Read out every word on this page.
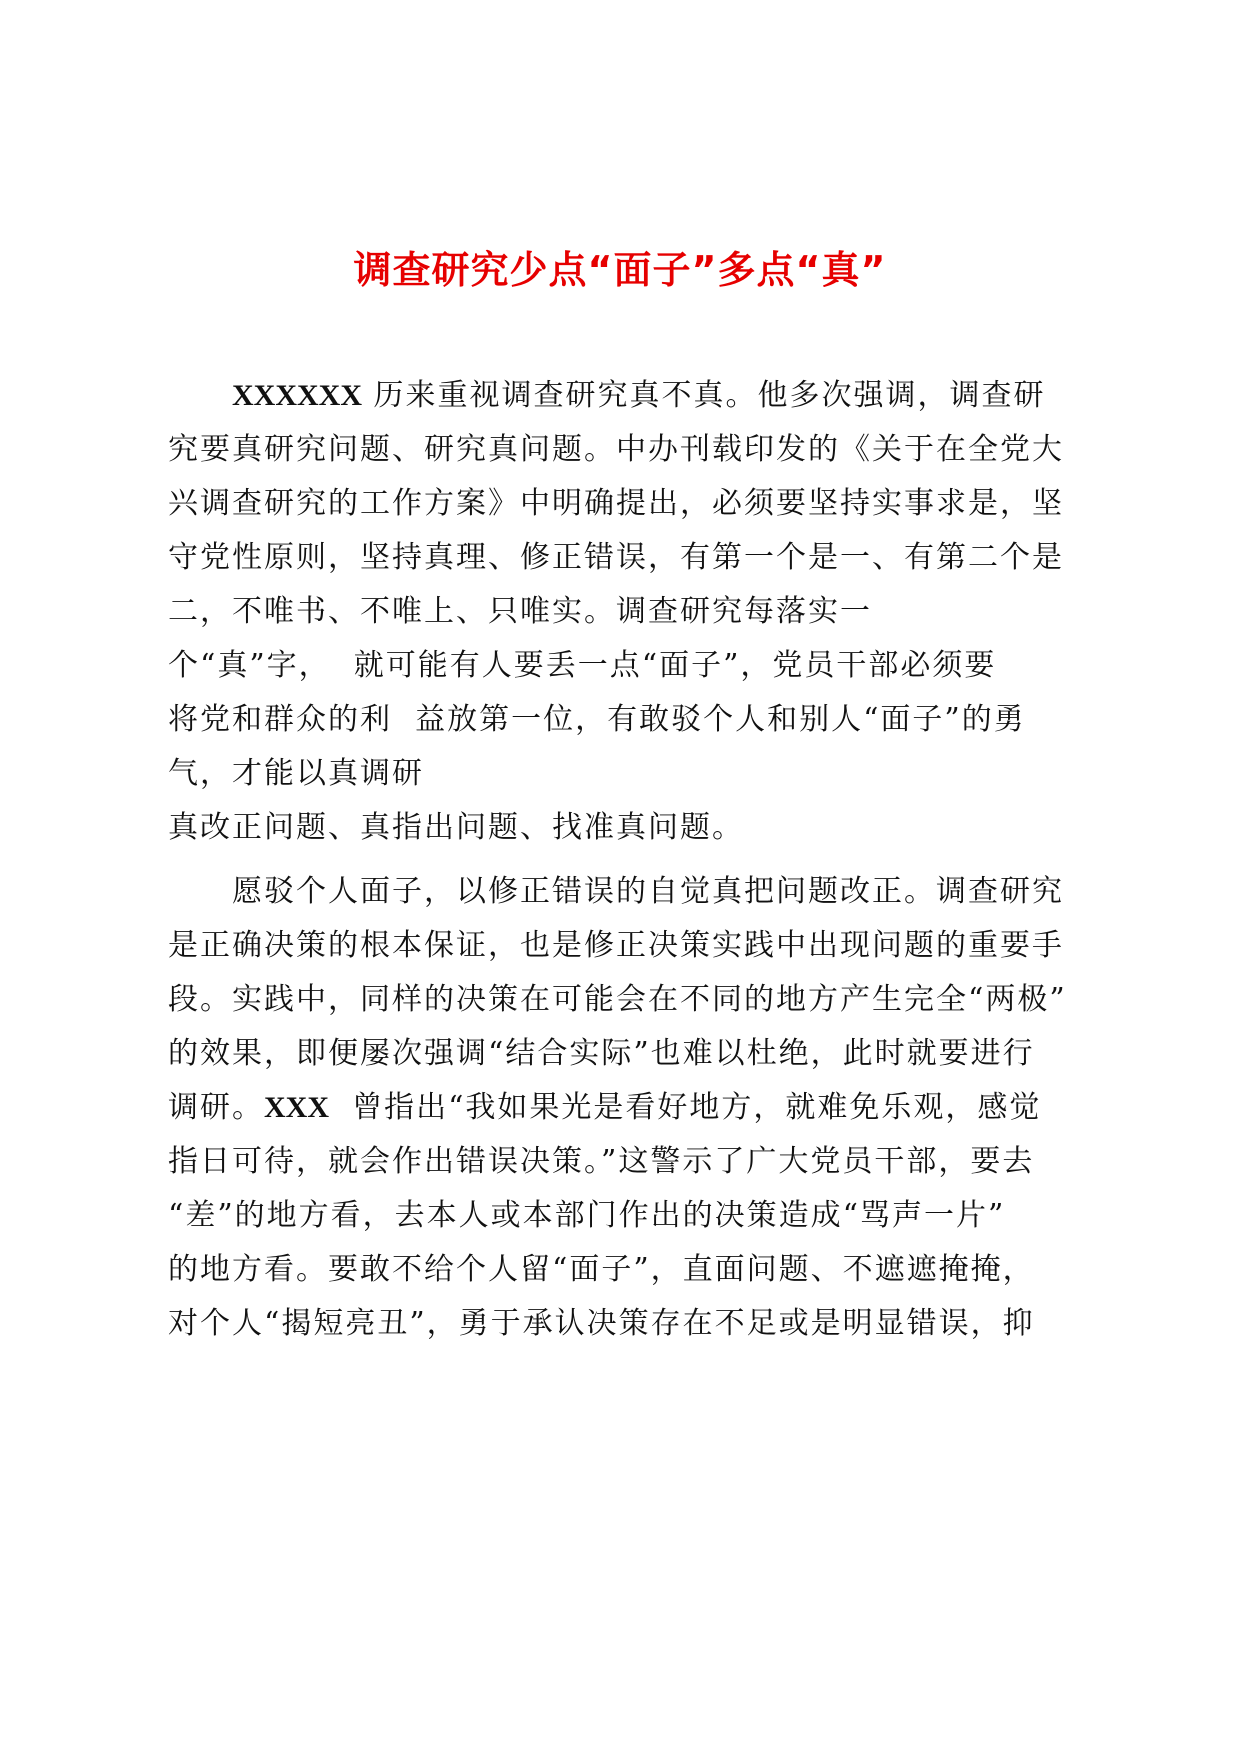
调查研究少点“面子”多点“真”
XXXXXX 历来重视调查研究真不真。他多次强调，调查研
究要真研究问题、研究真问题。中办刊载印发的《关于在全党大
兴调查研究的工作方案》中明确提出，必须要坚持实事求是，坚
守党性原则，坚持真理、修正错误，有第一个是一、有第二个是
二，不唯书、不唯上、只唯实。调查研究每落实一
个“真”字，  就可能有人要丢一点“面子”，党员干部必须要
将党和群众的利  益放第一位，有敢驳个人和别人“面子”的勇
气，才能以真调研
真改正问题、真指出问题、找准真问题。
愿驳个人面子，以修正错误的自觉真把问题改正。调查研究
是正确决策的根本保证，也是修正决策实践中出现问题的重要手
段。实践中，同样的决策在可能会在不同的地方产生完全“两极”
的效果，即便屡次强调“结合实际”也难以杜绝，此时就要进行
调研。XXX  曾指出“我如果光是看好地方，就难免乐观，感觉
指日可待，就会作出错误决策。”这警示了广大党员干部，要去
“差”的地方看，去本人或本部门作出的决策造成“骂声一片”
的地方看。要敢不给个人留“面子”，直面问题、不遮遮掩掩，
对个人“揭短亮丑”，勇于承认决策存在不足或是明显错误，抑
